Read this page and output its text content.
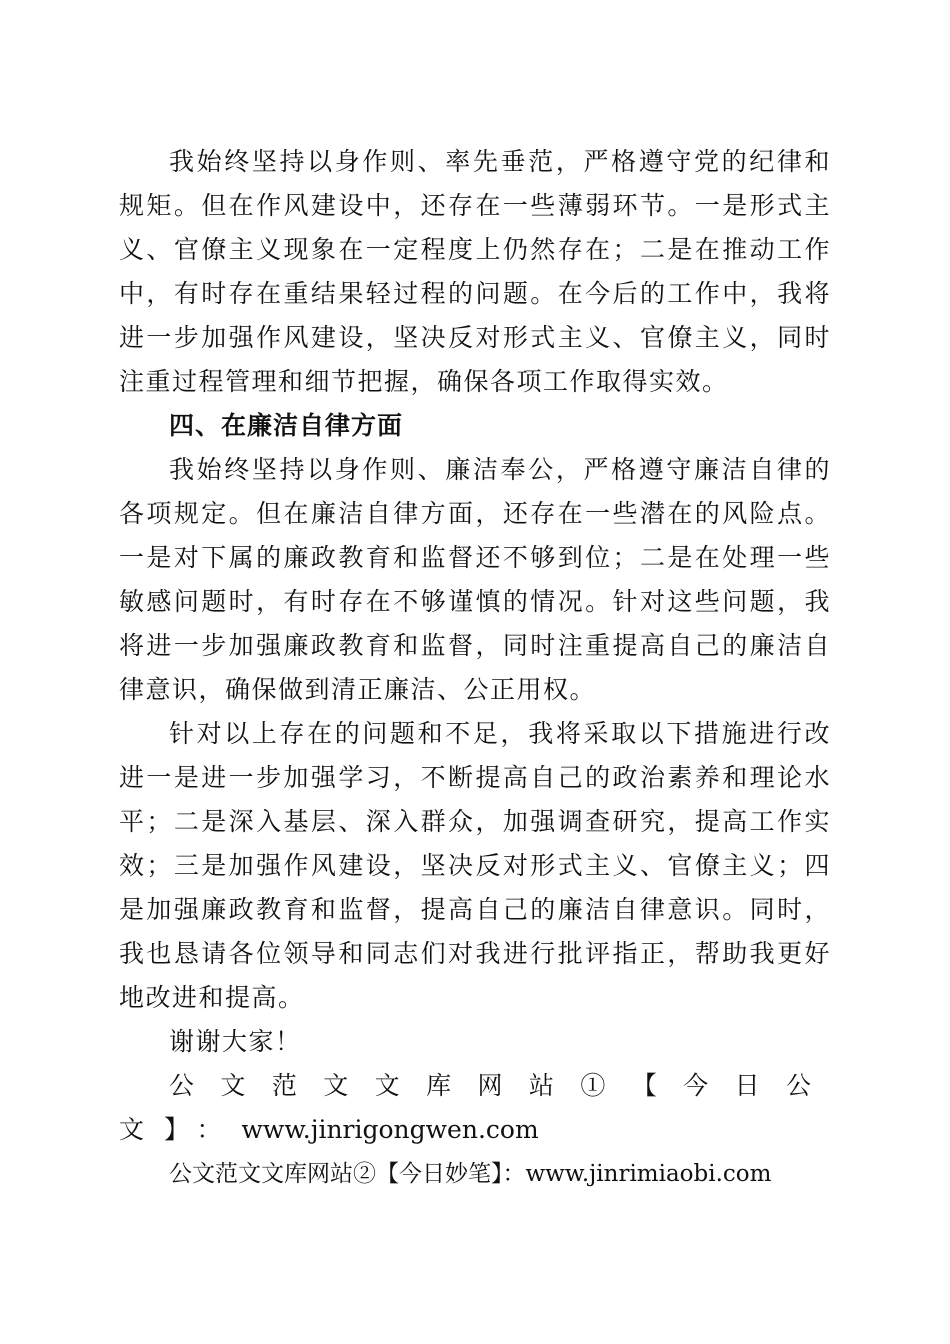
我始终坚持以身作则、率先垂范，严格遵守党的纪律和规矩。但在作风建设中，还存在一些薄弱环节。一是形式主义、官僚主义现象在一定程度上仍然存在；二是在推动工作中，有时存在重结果轻过程的问题。在今后的工作中，我将进一步加强作风建设，坚决反对形式主义、官僚主义，同时注重过程管理和细节把握，确保各项工作取得实效。

四、在廉洁自律方面

我始终坚持以身作则、廉洁奉公，严格遵守廉洁自律的各项规定。但在廉洁自律方面，还存在一些潜在的风险点。一是对下属的廉政教育和监督还不够到位；二是在处理一些敏感问题时，有时存在不够谨慎的情况。针对这些问题，我将进一步加强廉政教育和监督，同时注重提高自己的廉洁自律意识，确保做到清正廉洁、公正用权。

针对以上存在的问题和不足，我将采取以下措施进行改进一是进一步加强学习，不断提高自己的政治素养和理论水平；二是深入基层、深入群众，加强调查研究，提高工作实效；三是加强作风建设，坚决反对形式主义、官僚主义；四是加强廉政教育和监督，提高自己的廉洁自律意识。同时，我也恳请各位领导和同志们对我进行批评指正，帮助我更好地改进和提高。

谢谢大家！

公文范文文库网站①【今日公文】：www.jinrigongwen.com

公文范文文库网站②【今日妙笔】：www.jinrimiaobi.com
